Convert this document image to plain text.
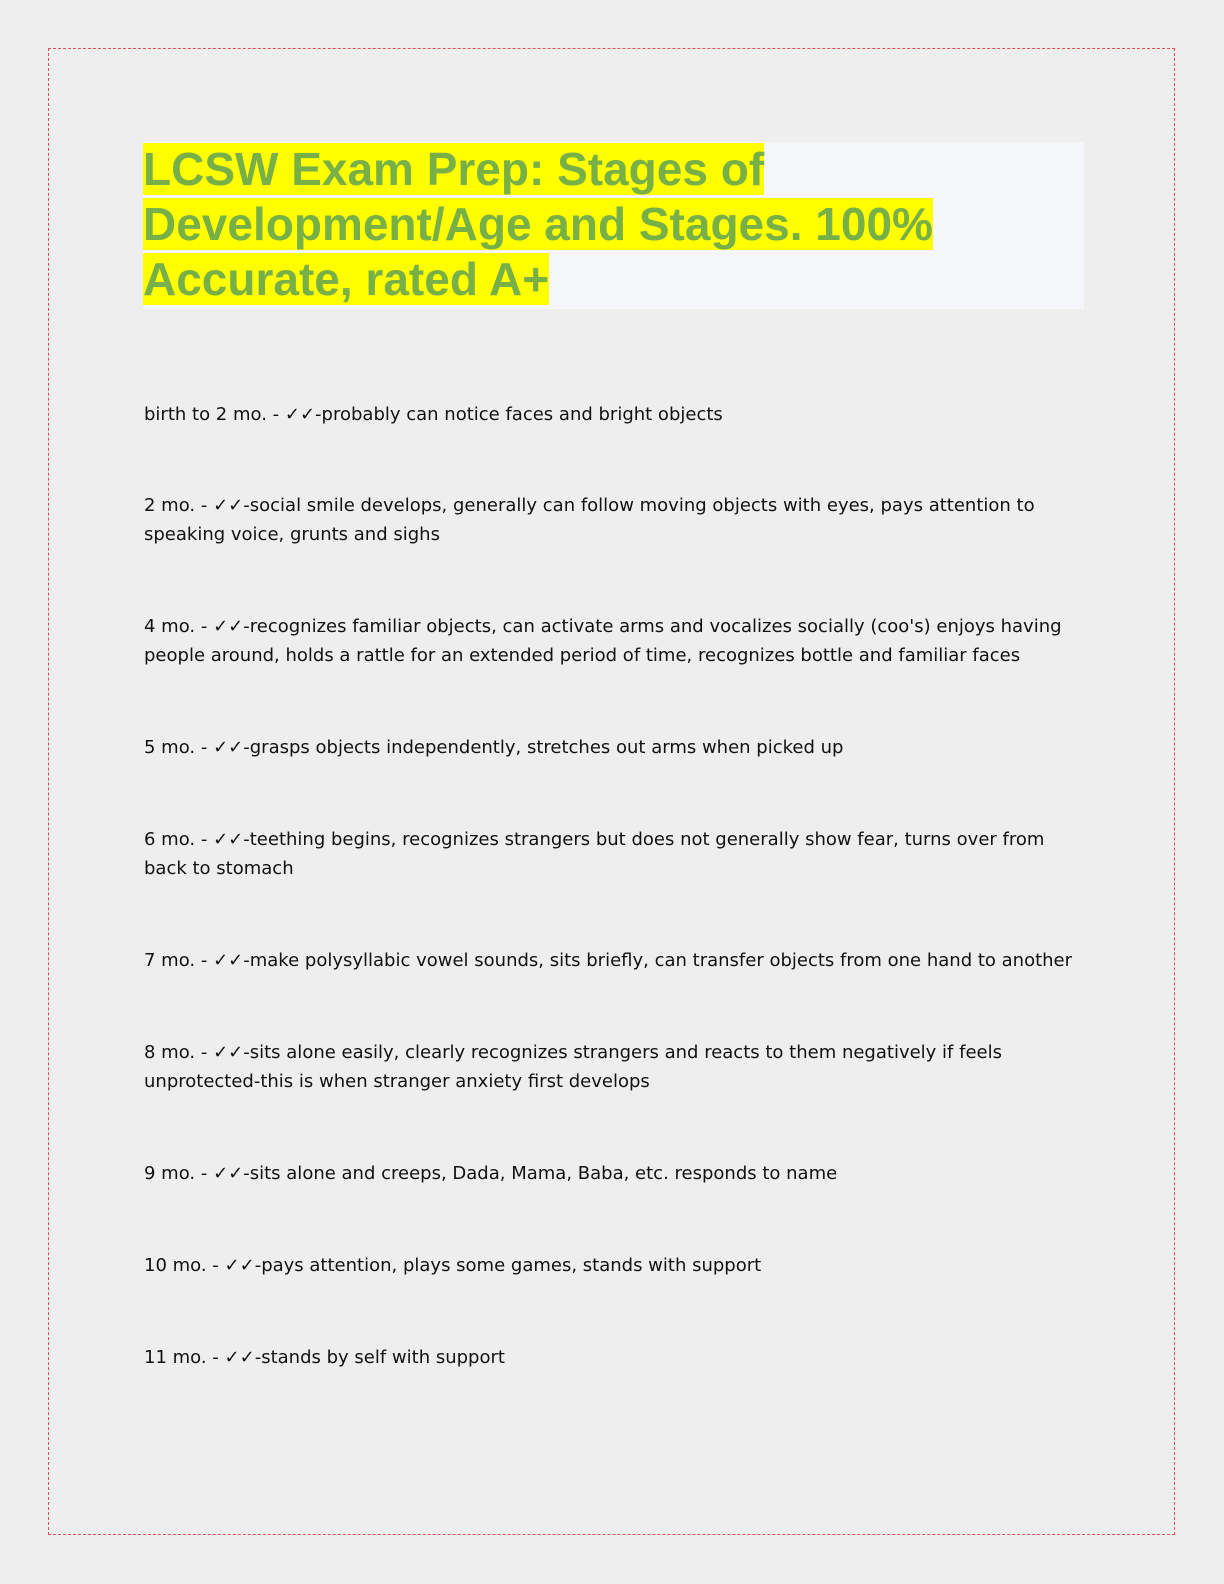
LCSW Exam Prep: Stages of
Development/Age and Stages. 100%
Accurate, rated A+

birth to 2 mo. - ✓✓-probably can notice faces and bright objects

2 mo. - ✓✓-social smile develops, generally can follow moving objects with eyes, pays attention to speaking voice, grunts and sighs

4 mo. - ✓✓-recognizes familiar objects, can activate arms and vocalizes socially (coo's) enjoys having people around, holds a rattle for an extended period of time, recognizes bottle and familiar faces

5 mo. - ✓✓-grasps objects independently, stretches out arms when picked up

6 mo. - ✓✓-teething begins, recognizes strangers but does not generally show fear, turns over from back to stomach

7 mo. - ✓✓-make polysyllabic vowel sounds, sits briefly, can transfer objects from one hand to another

8 mo. - ✓✓-sits alone easily, clearly recognizes strangers and reacts to them negatively if feels unprotected-this is when stranger anxiety first develops

9 mo. - ✓✓-sits alone and creeps, Dada, Mama, Baba, etc. responds to name

10 mo. - ✓✓-pays attention, plays some games, stands with support

11 mo. - ✓✓-stands by self with support
